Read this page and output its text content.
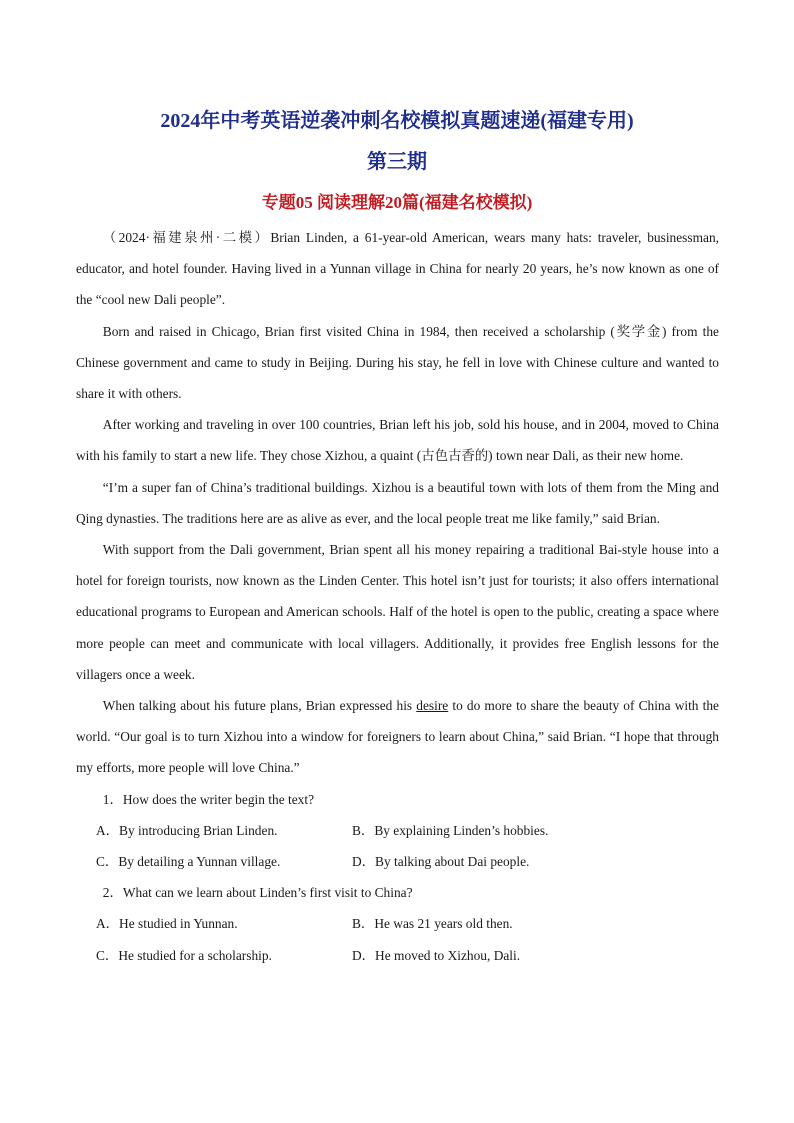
2024年中考英语逆袭冲刺名校模拟真题速递(福建专用)
第三期
专题05 阅读理解20篇(福建名校模拟)

（2024·福建泉州·二模）Brian Linden, a 61-year-old American, wears many hats: traveler, businessman, educator, and hotel founder. Having lived in a Yunnan village in China for nearly 20 years, he’s now known as one of the “cool new Dali people”.

Born and raised in Chicago, Brian first visited China in 1984, then received a scholarship (奖学金) from the Chinese government and came to study in Beijing. During his stay, he fell in love with Chinese culture and wanted to share it with others.

After working and traveling in over 100 countries, Brian left his job, sold his house, and in 2004, moved to China with his family to start a new life. They chose Xizhou, a quaint (古色古香的) town near Dali, as their new home.

“I’m a super fan of China’s traditional buildings. Xizhou is a beautiful town with lots of them from the Ming and Qing dynasties. The traditions here are as alive as ever, and the local people treat me like family,” said Brian.

With support from the Dali government, Brian spent all his money repairing a traditional Bai-style house into a hotel for foreign tourists, now known as the Linden Center. This hotel isn’t just for tourists; it also offers international educational programs to European and American schools. Half of the hotel is open to the public, creating a space where more people can meet and communicate with local villagers. Additionally, it provides free English lessons for the villagers once a week.

When talking about his future plans, Brian expressed his desire to do more to share the beauty of China with the world. “Our goal is to turn Xizhou into a window for foreigners to learn about China,” said Brian. “I hope that through my efforts, more people will love China.”

1．How does the writer begin the text?

A．By introducing Brian Linden.	B．By explaining Linden’s hobbies.
C．By detailing a Yunnan village.	D．By talking about Dai people.

2．What can we learn about Linden’s first visit to China?

A．He studied in Yunnan.	B．He was 21 years old then.
C．He studied for a scholarship.	D．He moved to Xizhou, Dali.
